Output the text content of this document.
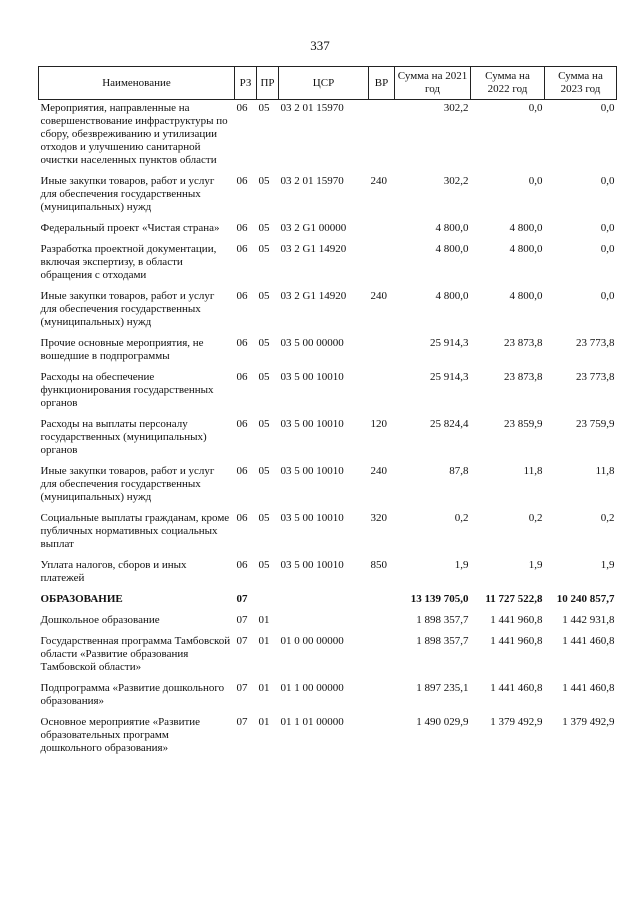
337
Наименование	РЗ	ПР	ЦСР	ВР	Сумма на 2021 год	Сумма на 2022 год	Сумма на 2023 год
Мероприятия, направленные на совершенствование инфраструктуры по сбору, обезвреживанию и утилизации отходов и улучшению санитарной очистки населенных пунктов области	06	05	03 2 01 15970		302,2	0,0	0,0
Иные закупки товаров, работ и услуг для обеспечения государственных (муниципальных) нужд	06	05	03 2 01 15970	240	302,2	0,0	0,0
Федеральный проект «Чистая страна»	06	05	03 2 G1 00000		4 800,0	4 800,0	0,0
Разработка проектной документации, включая экспертизу, в области обращения с отходами	06	05	03 2 G1 14920		4 800,0	4 800,0	0,0
Иные закупки товаров, работ и услуг для обеспечения государственных (муниципальных) нужд	06	05	03 2 G1 14920	240	4 800,0	4 800,0	0,0
Прочие основные мероприятия, не вошедшие в подпрограммы	06	05	03 5 00 00000		25 914,3	23 873,8	23 773,8
Расходы на обеспечение функционирования государственных органов	06	05	03 5 00 10010		25 914,3	23 873,8	23 773,8
Расходы на выплаты персоналу государственных (муниципальных) органов	06	05	03 5 00 10010	120	25 824,4	23 859,9	23 759,9
Иные закупки товаров, работ и услуг для обеспечения государственных (муниципальных) нужд	06	05	03 5 00 10010	240	87,8	11,8	11,8
Социальные выплаты гражданам, кроме публичных нормативных социальных выплат	06	05	03 5 00 10010	320	0,2	0,2	0,2
Уплата налогов, сборов и иных платежей	06	05	03 5 00 10010	850	1,9	1,9	1,9
ОБРАЗОВАНИЕ	07				13 139 705,0	11 727 522,8	10 240 857,7
Дошкольное образование	07	01			1 898 357,7	1 441 960,8	1 442 931,8
Государственная программа Тамбовской области «Развитие образования Тамбовской области»	07	01	01 0 00 00000		1 898 357,7	1 441 960,8	1 441 460,8
Подпрограмма «Развитие дошкольного образования»	07	01	01 1 00 00000		1 897 235,1	1 441 460,8	1 441 460,8
Основное мероприятие «Развитие образовательных программ дошкольного образования»	07	01	01 1 01 00000		1 490 029,9	1 379 492,9	1 379 492,9
